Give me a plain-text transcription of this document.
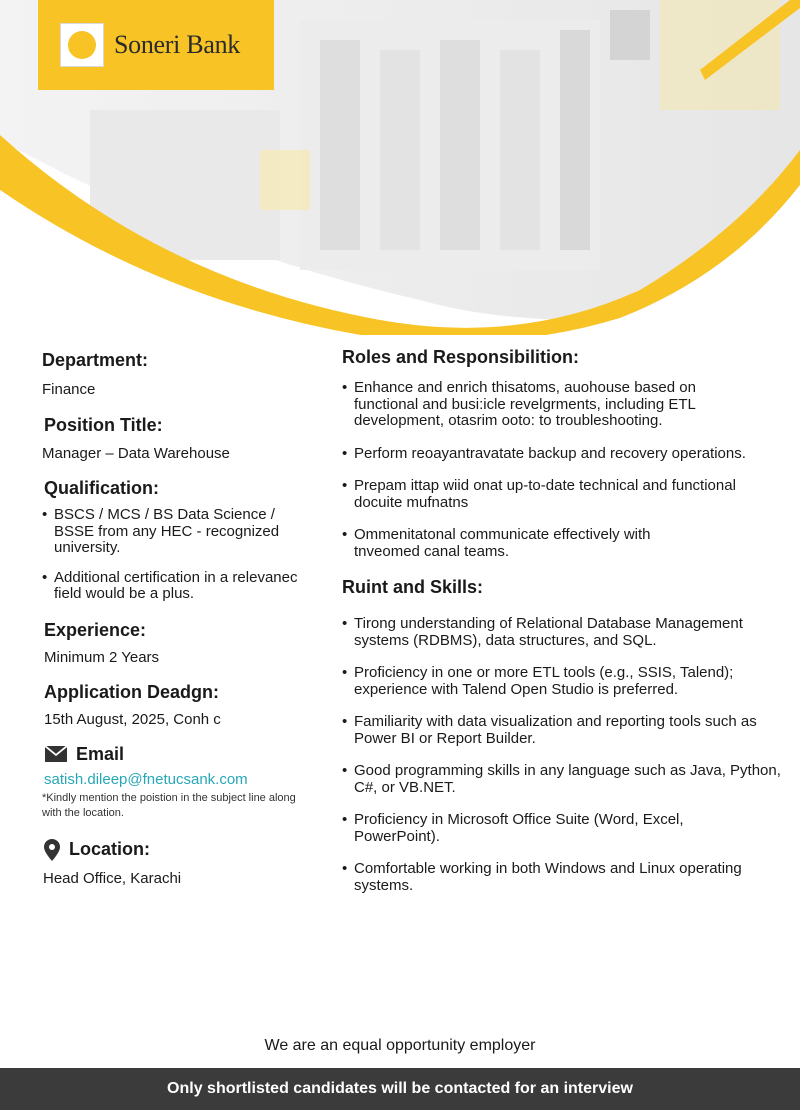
Soneri Bank
Department:
Finance
Position Title:
Manager – Data Warehouse
Qualification:
• BSCS / MCS / BS Data Science / BSSE from any HEC - recognized university.
• Additional certification in a relevanec field would be a plus.
Experience:
Minimum 2 Years
Application Deadgn:
15th August, 2025, Conh c
Email
satish.dileep@fnetucsank.com
*Kindly mention the poistion in the subject line along with the location.
Location:
Head Office, Karachi
Roles and Responsibilition:
• Enhance and enrich thisatoms, auohouse based on functional and busi:icle revelgrments, including ETL development, otasrim ooto: to troubleshooting.
• Perform reoayantravatate backup and recovery operations.
• Prepam ittap wiid onat up-to-date technical and functional docuite mufnatns
• Ommenitatonal communicate effectively with tnveomed canal teams.
Ruint and Skills:
• Tirong understanding of Relational Database Management systems (RDBMS), data structures, and SQL.
• Proficiency in one or more ETL tools (e.g., SSIS, Talend); experience with Talend Open Studio is preferred.
• Familiarity with data visualization and reporting tools such as Power BI or Report Builder.
• Good programming skills in any language such as Java, Python, C#, or VB.NET.
• Proficiency in Microsoft Office Suite (Word, Excel, PowerPoint).
• Comfortable working in both Windows and Linux operating systems.
We are an equal opportunity employer
Only shortlisted candidates will be contacted for an interview
